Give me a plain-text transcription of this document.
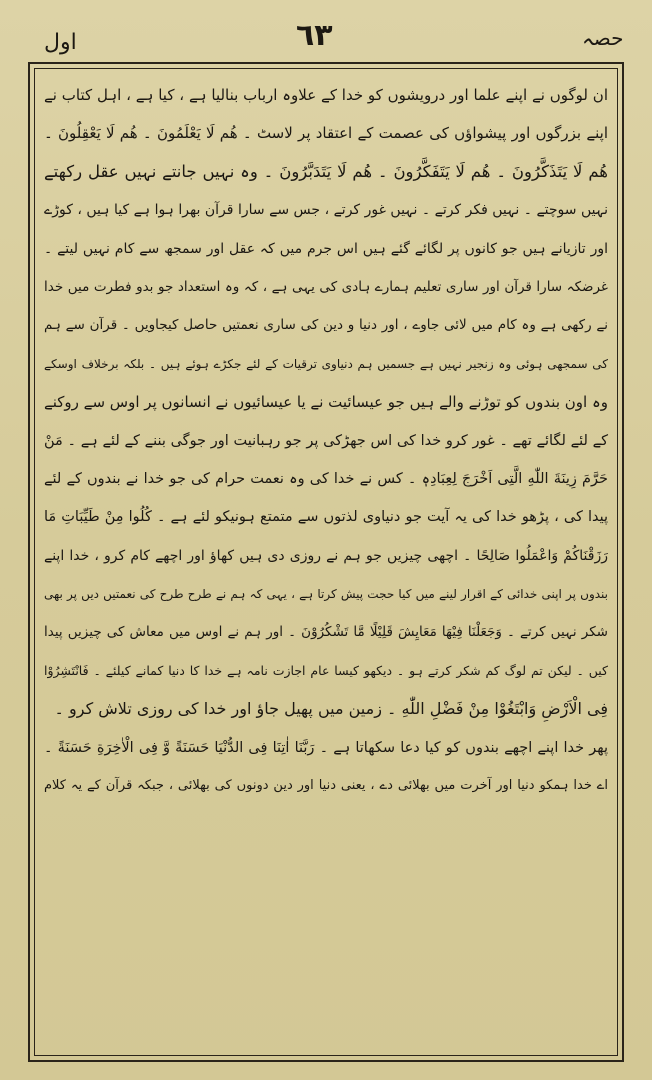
اول	٦٣	حصہ
ان لوگوں نے اپنے علما اور درویشوں کو خدا کے علاوہ ارباب بنالیا ہے ، کیا ہے ، اہل کتاب نے
اپنے بزرگوں اور پیشواؤں کی عصمت کے اعتقاد پر لاسٹ ۔ ھُم لَا یَعْلَمُونَ ۔ ھُم لَا یَعْقِلُونَ ۔
ھُم لَا یَتَذَکَّرُونَ ۔ ھُم لَا یَتَفَکَّرُونَ ۔ ھُم لَا یَتَدَبَّرُونَ ۔ وہ نہیں جانتے نہیں عقل رکھتے
نہیں سوچتے ۔ نہیں فکر کرتے ۔ نہیں غور کرتے ، جس سے سارا قرآن بھرا ہوا ہے کیا ہیں ، کوڑے
اور تازیانے ہیں جو کانوں پر لگائے گئے ہیں اس جرم میں کہ عقل اور سمجھ سے کام نہیں لیتے ۔
غرضکہ سارا قرآن اور ساری تعلیم ہمارے ہادی کی یہی ہے ، کہ وہ استعداد جو بدو فطرت میں خدا
نے رکھی ہے وہ کام میں لائی جاوے ، اور دنیا و دین کی ساری نعمتیں حاصل کیجاویں ۔ قرآن سے ہم
کی سمجھی ہوئی وہ زنجیر نہیں ہے جسمیں ہم دنیاوی ترقیات کے لئے جکڑے ہوئے ہیں ۔ بلکہ برخلاف اوسکے
وہ اون بندوں کو توڑنے والے ہیں جو عیسائیت نے یا عیسائیوں نے انسانوں پر اوس سے روکنے
کے لئے لگائے تھے ۔ غور کرو خدا کی اس جھڑکی پر جو رہبانیت اور جوگی بننے کے لئے ہے ۔ مَنْ
حَرَّمَ زِینَةَ اللّٰهِ الَّتِی اَخْرَجَ لِعِبَادِہٖ ۔ کس نے خدا کی وہ نعمت حرام کی جو خدا نے بندوں کے لئے
پیدا کی ، پڑھو خدا کی یہ آیت جو دنیاوی لذتوں سے متمتع ہونیکو لئے ہے ۔ کُلُوا مِنْ طَیِّبَاتِ مَا
رَزَقْنَاکُمْ وَاعْمَلُوا صَالِحًا ۔ اچھی چیزیں جو ہم نے روزی دی ہیں کھاؤ اور اچھے کام کرو ، خدا اپنے
بندوں پر اپنی خدائی کے اقرار لینے میں کیا حجت پیش کرتا ہے ، یہی کہ ہم نے طرح طرح کی نعمتیں دیں پر بھی
شکر نہیں کرتے ۔ وَجَعَلْنَا فِیْهَا مَعَایِشَ قَلِیْلًا مَّا تَشْکُرُوْنَ ۔ اور ہم نے اوس میں معاش کی چیزیں پیدا
کیں ۔ لیکن تم لوگ کم شکر کرتے ہو ۔ دیکھو کیسا عام اجازت نامہ ہے خدا کا دنیا کمانے کیلئے ۔ فَانْتَشِرُوْا
فِی الْاَرْضِ وَابْتَغُوْا مِنْ فَضْلِ اللّٰهِ ۔ زمین میں پھیل جاؤ اور خدا کی روزی تلاش کرو ۔
پھر خدا اپنے اچھے بندوں کو کیا دعا سکھاتا ہے ۔ رَبَّنَا اٰتِنَا فِی الدُّنْیَا حَسَنَةً وَّ فِی الْاٰخِرَةِ حَسَنَةً ۔
اے خدا ہمکو دنیا اور آخرت میں بھلائی دے ، یعنی دنیا اور دین دونوں کی بھلائی ، جبکہ قرآن کے یہ کلام
